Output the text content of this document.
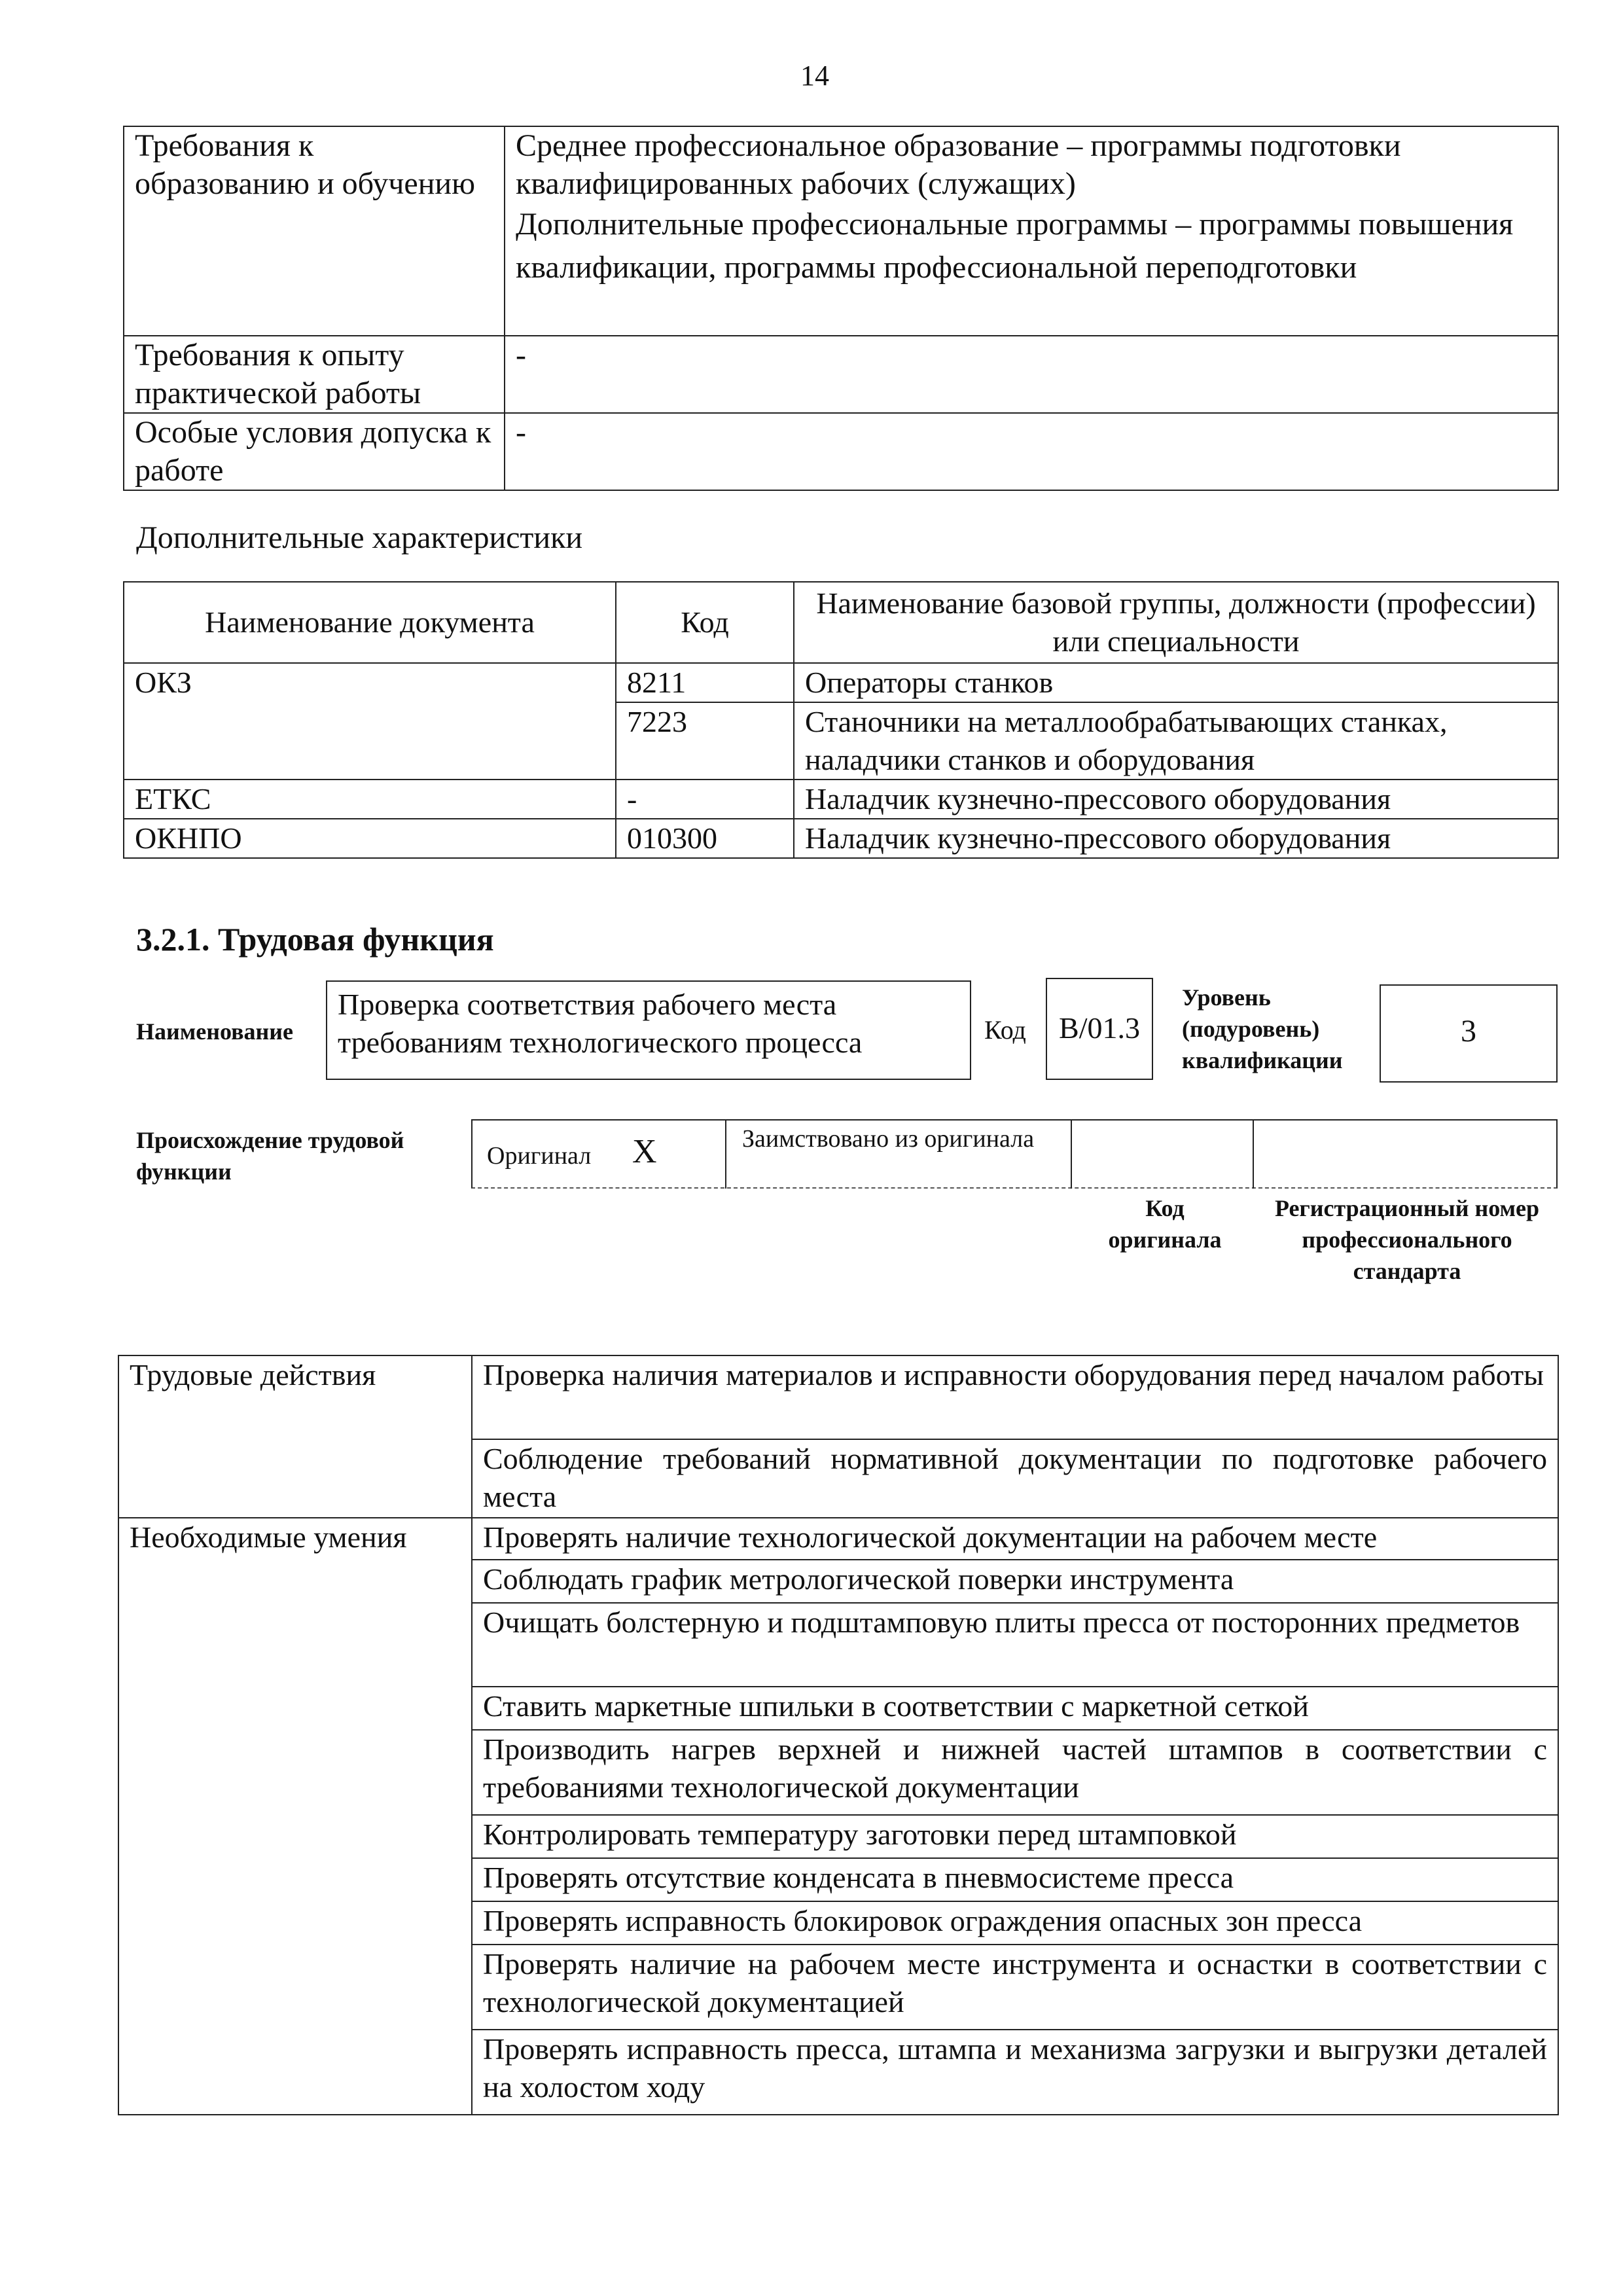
14
Требования к образованию и обучению	Среднее профессиональное образование – программы подготовки квалифицированных рабочих (служащих)
Дополнительные профессиональные программы – программы повышения квалификации, программы профессиональной переподготовки

Требования к опыту практической работы	-
Особые условия допуска к работе	-
Дополнительные характеристики
Наименование документа	Код	Наименование базовой группы, должности (профессии) или специальности
ОКЗ	8211	Операторы станков
	7223	Станочники на металлообрабатывающих станках, наладчики станков и оборудования
ЕТКС	-	Наладчик кузнечно-прессового оборудования
ОКНПО	010300	Наладчик кузнечно-прессового оборудования
3.2.1. Трудовая функция
Наименование
Проверка соответствия рабочего места требованиям технологического процесса	Код	B/01.3
Уровень (подуровень) квалификации
3
Происхождение трудовой функции
Оригинал X	Заимствовано из оригинала
Код оригинала
Регистрационный номер профессионального стандарта
Трудовые действия	Проверка наличия материалов и исправности оборудования перед началом работы
	Соблюдение требований нормативной документации по подготовке рабочего места
Необходимые умения	Проверять наличие технологической документации на рабочем месте
	Соблюдать график метрологической поверки инструмента
	Очищать болстерную и подштамповую плиты пресса от посторонних предметов
	Ставить маркетные шпильки в соответствии с маркетной сеткой
	Производить нагрев верхней и нижней частей штампов в соответствии с требованиями технологической документации
	Контролировать температуру заготовки перед штамповкой
	Проверять отсутствие конденсата в пневмосистеме пресса
	Проверять исправность блокировок ограждения опасных зон пресса
	Проверять наличие на рабочем месте инструмента и оснастки в соответствии с технологической документацией
	Проверять исправность пресса, штампа и механизма загрузки и выгрузки деталей на холостом ходу
